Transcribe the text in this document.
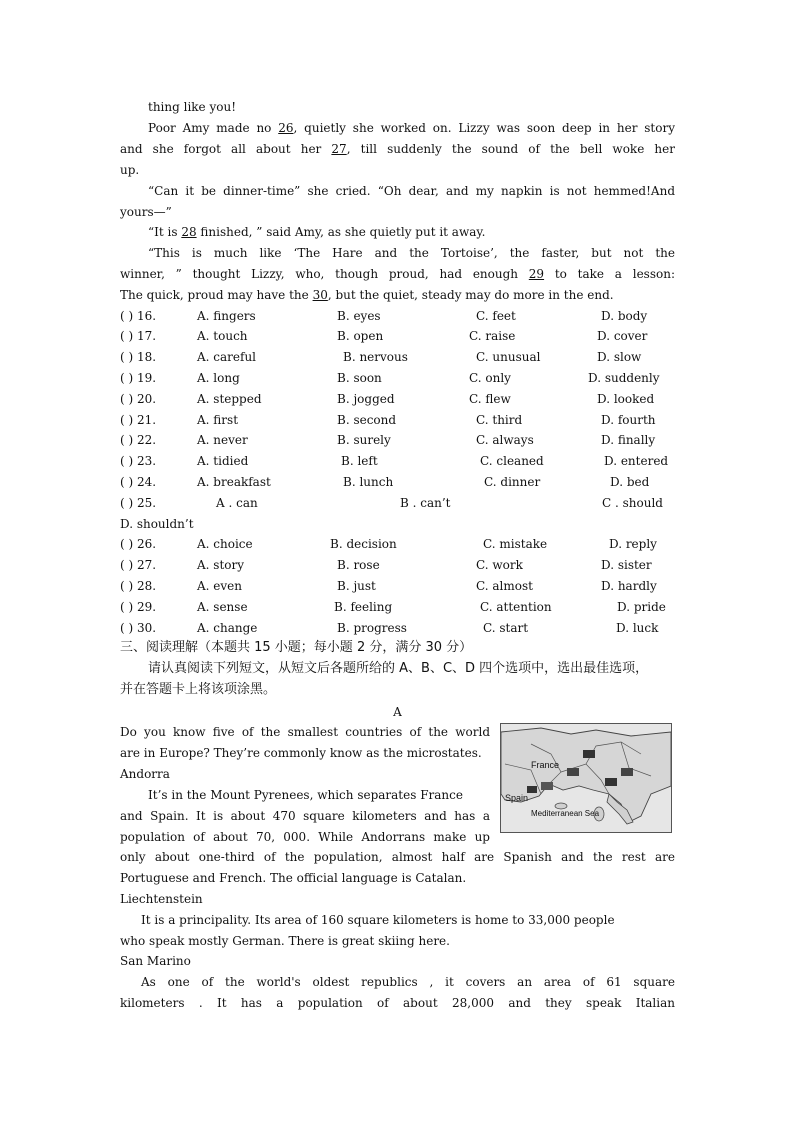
thing like you!
Poor Amy made no 26, quietly she worked on. Lizzy was soon deep in her story
and she forgot all about her 27, till suddenly the sound of the bell woke her
up.
“Can it be dinner-time” she cried. “Oh dear, and my napkin is not hemmed!And
yours—”
“It is 28 finished, ” said Amy, as she quietly put it away.
“This is much like ‘The Hare and the Tortoise’, the faster, but not the
winner, ” thought Lizzy, who, though proud, had enough 29 to take a lesson:
The quick, proud may have the 30, but the quiet, steady may do more in the end.
( ) 16.	A. fingers	B. eyes	C. feet	D. body
( ) 17.	A. touch	B. open	C. raise	D. cover
( ) 18.	A. careful	B. nervous	C. unusual	D. slow
( ) 19.	A. long	B. soon	C. only	D. suddenly
( ) 20.	A. stepped	B. jogged	C. flew	D. looked
( ) 21.	A. first	B. second	C. third	D. fourth
( ) 22.	A. never	B. surely	C. always	D. finally
( ) 23.	A. tidied	B. left	C. cleaned	D. entered
( ) 24.	A. breakfast	B. lunch	C. dinner	D. bed
( ) 25.	A . can	B . can’t	C . should
D. shouldn’t
( ) 26.	A. choice	B. decision	C. mistake	D. reply
( ) 27.	A. story	B. rose	C. work	D. sister
( ) 28.	A. even	B. just	C. almost	D. hardly
( ) 29.	A. sense	B. feeling	C. attention	D. pride
( ) 30.	A. change	B. progress	C. start	D. luck
三、阅读理解（本题共 15 小题；每小题 2 分，满分 30 分）
请认真阅读下列短文，从短文后各题所给的 A、B、C、D 四个选项中，选出最佳选项，
并在答题卡上将该项涂黑。
A
Do you know five of the smallest countries of the world
are in Europe? They’re commonly know as the microstates.
Andorra
It’s in the Mount Pyrenees, which separates France
and Spain. It is about 470 square kilometers and has a
population of about 70, 000. While Andorrans make up
only about one-third of the population, almost half are Spanish and the rest are
Portuguese and French. The official language is Catalan.
Liechtenstein
It is a principality. Its area of 160 square kilometers is home to 33,000 people
who speak mostly German. There is great skiing here.
San Marino
As one of the world's oldest republics , it covers an area of 61 square
kilometers . It has a population of about 28,000 and they speak Italian
France
Spain
Mediterranean Sea
